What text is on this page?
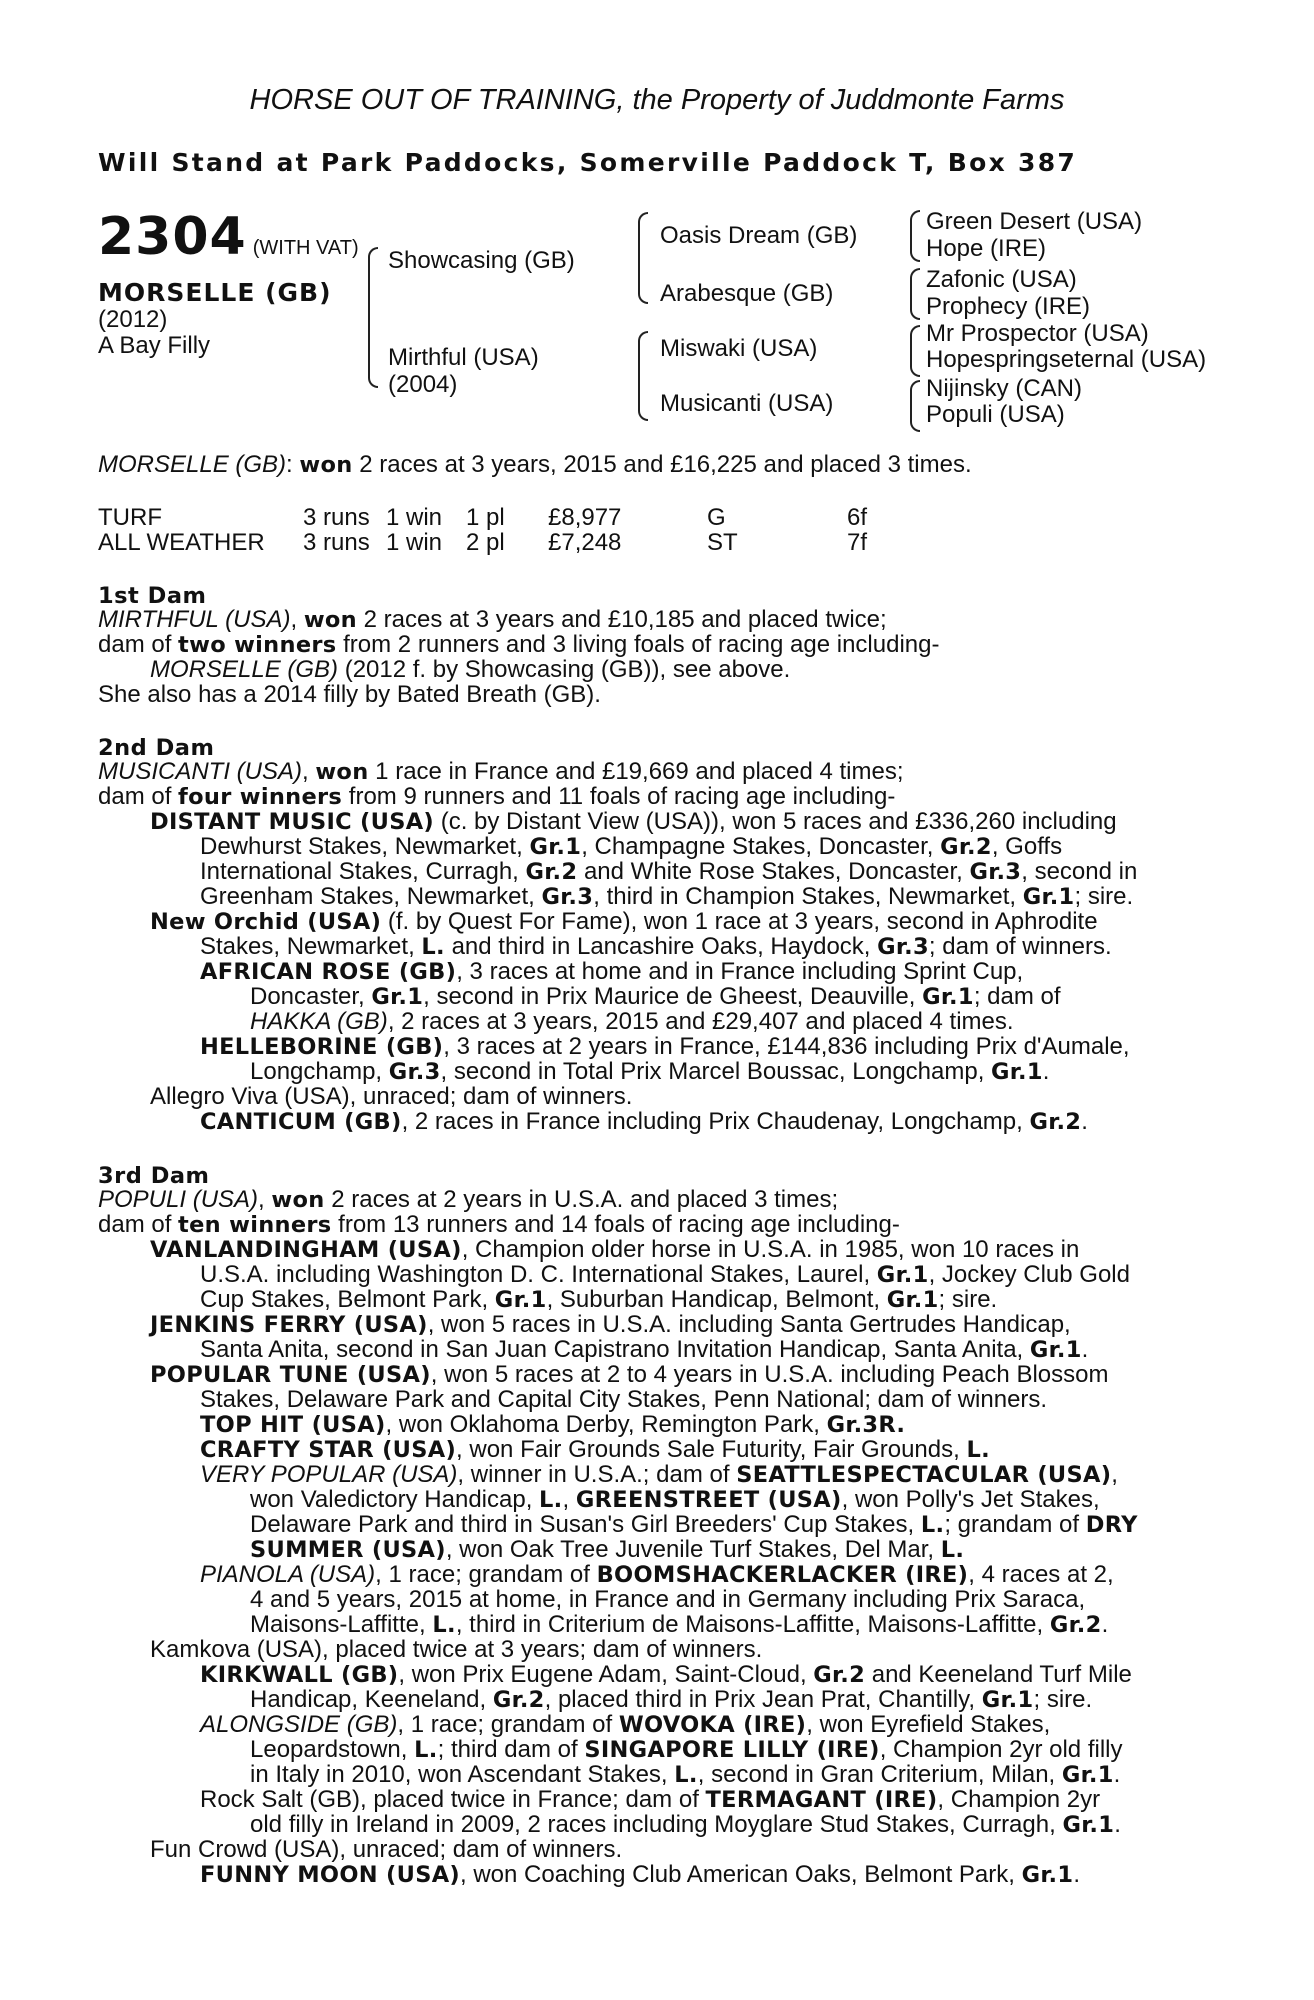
HORSE OUT OF TRAINING, the Property of Juddmonte Farms
Will Stand at Park Paddocks, Somerville Paddock T, Box 387
2304 (WITH VAT)
MORSELLE (GB)
(2012)
A Bay Filly
Showcasing (GB)
Mirthful (USA)
(2004)
Oasis Dream (GB)
Arabesque (GB)
Miswaki (USA)
Musicanti (USA)
Green Desert (USA)
Hope (IRE)
Zafonic (USA)
Prophecy (IRE)
Mr Prospector (USA)
Hopespringseternal (USA)
Nijinsky (CAN)
Populi (USA)
MORSELLE (GB): won 2 races at 3 years, 2015 and £16,225 and placed 3 times.
TURF	3 runs 1 win 1 pl £8,977	G	6f
ALL WEATHER 3 runs 1 win 2 pl £7,248	ST	7f
1st Dam
MIRTHFUL (USA), won 2 races at 3 years and £10,185 and placed twice;
dam of two winners from 2 runners and 3 living foals of racing age including-
MORSELLE (GB) (2012 f. by Showcasing (GB)), see above.
She also has a 2014 filly by Bated Breath (GB).
2nd Dam
MUSICANTI (USA), won 1 race in France and £19,669 and placed 4 times;
dam of four winners from 9 runners and 11 foals of racing age including-
DISTANT MUSIC (USA) (c. by Distant View (USA)), won 5 races and £336,260 including
Dewhurst Stakes, Newmarket, Gr.1, Champagne Stakes, Doncaster, Gr.2, Goffs
International Stakes, Curragh, Gr.2 and White Rose Stakes, Doncaster, Gr.3, second in
Greenham Stakes, Newmarket, Gr.3, third in Champion Stakes, Newmarket, Gr.1; sire.
New Orchid (USA) (f. by Quest For Fame), won 1 race at 3 years, second in Aphrodite
Stakes, Newmarket, L. and third in Lancashire Oaks, Haydock, Gr.3; dam of winners.
AFRICAN ROSE (GB), 3 races at home and in France including Sprint Cup,
Doncaster, Gr.1, second in Prix Maurice de Gheest, Deauville, Gr.1; dam of
HAKKA (GB), 2 races at 3 years, 2015 and £29,407 and placed 4 times.
HELLEBORINE (GB), 3 races at 2 years in France, £144,836 including Prix d'Aumale,
Longchamp, Gr.3, second in Total Prix Marcel Boussac, Longchamp, Gr.1.
Allegro Viva (USA), unraced; dam of winners.
CANTICUM (GB), 2 races in France including Prix Chaudenay, Longchamp, Gr.2.
3rd Dam
POPULI (USA), won 2 races at 2 years in U.S.A. and placed 3 times;
dam of ten winners from 13 runners and 14 foals of racing age including-
VANLANDINGHAM (USA), Champion older horse in U.S.A. in 1985, won 10 races in
U.S.A. including Washington D. C. International Stakes, Laurel, Gr.1, Jockey Club Gold
Cup Stakes, Belmont Park, Gr.1, Suburban Handicap, Belmont, Gr.1; sire.
JENKINS FERRY (USA), won 5 races in U.S.A. including Santa Gertrudes Handicap,
Santa Anita, second in San Juan Capistrano Invitation Handicap, Santa Anita, Gr.1.
POPULAR TUNE (USA), won 5 races at 2 to 4 years in U.S.A. including Peach Blossom
Stakes, Delaware Park and Capital City Stakes, Penn National; dam of winners.
TOP HIT (USA), won Oklahoma Derby, Remington Park, Gr.3R.
CRAFTY STAR (USA), won Fair Grounds Sale Futurity, Fair Grounds, L.
VERY POPULAR (USA), winner in U.S.A.; dam of SEATTLESPECTACULAR (USA),
won Valedictory Handicap, L., GREENSTREET (USA), won Polly's Jet Stakes,
Delaware Park and third in Susan's Girl Breeders' Cup Stakes, L.; grandam of DRY
SUMMER (USA), won Oak Tree Juvenile Turf Stakes, Del Mar, L.
PIANOLA (USA), 1 race; grandam of BOOMSHACKERLACKER (IRE), 4 races at 2,
4 and 5 years, 2015 at home, in France and in Germany including Prix Saraca,
Maisons-Laffitte, L., third in Criterium de Maisons-Laffitte, Maisons-Laffitte, Gr.2.
Kamkova (USA), placed twice at 3 years; dam of winners.
KIRKWALL (GB), won Prix Eugene Adam, Saint-Cloud, Gr.2 and Keeneland Turf Mile
Handicap, Keeneland, Gr.2, placed third in Prix Jean Prat, Chantilly, Gr.1; sire.
ALONGSIDE (GB), 1 race; grandam of WOVOKA (IRE), won Eyrefield Stakes,
Leopardstown, L.; third dam of SINGAPORE LILLY (IRE), Champion 2yr old filly
in Italy in 2010, won Ascendant Stakes, L., second in Gran Criterium, Milan, Gr.1.
Rock Salt (GB), placed twice in France; dam of TERMAGANT (IRE), Champion 2yr
old filly in Ireland in 2009, 2 races including Moyglare Stud Stakes, Curragh, Gr.1.
Fun Crowd (USA), unraced; dam of winners.
FUNNY MOON (USA), won Coaching Club American Oaks, Belmont Park, Gr.1.
